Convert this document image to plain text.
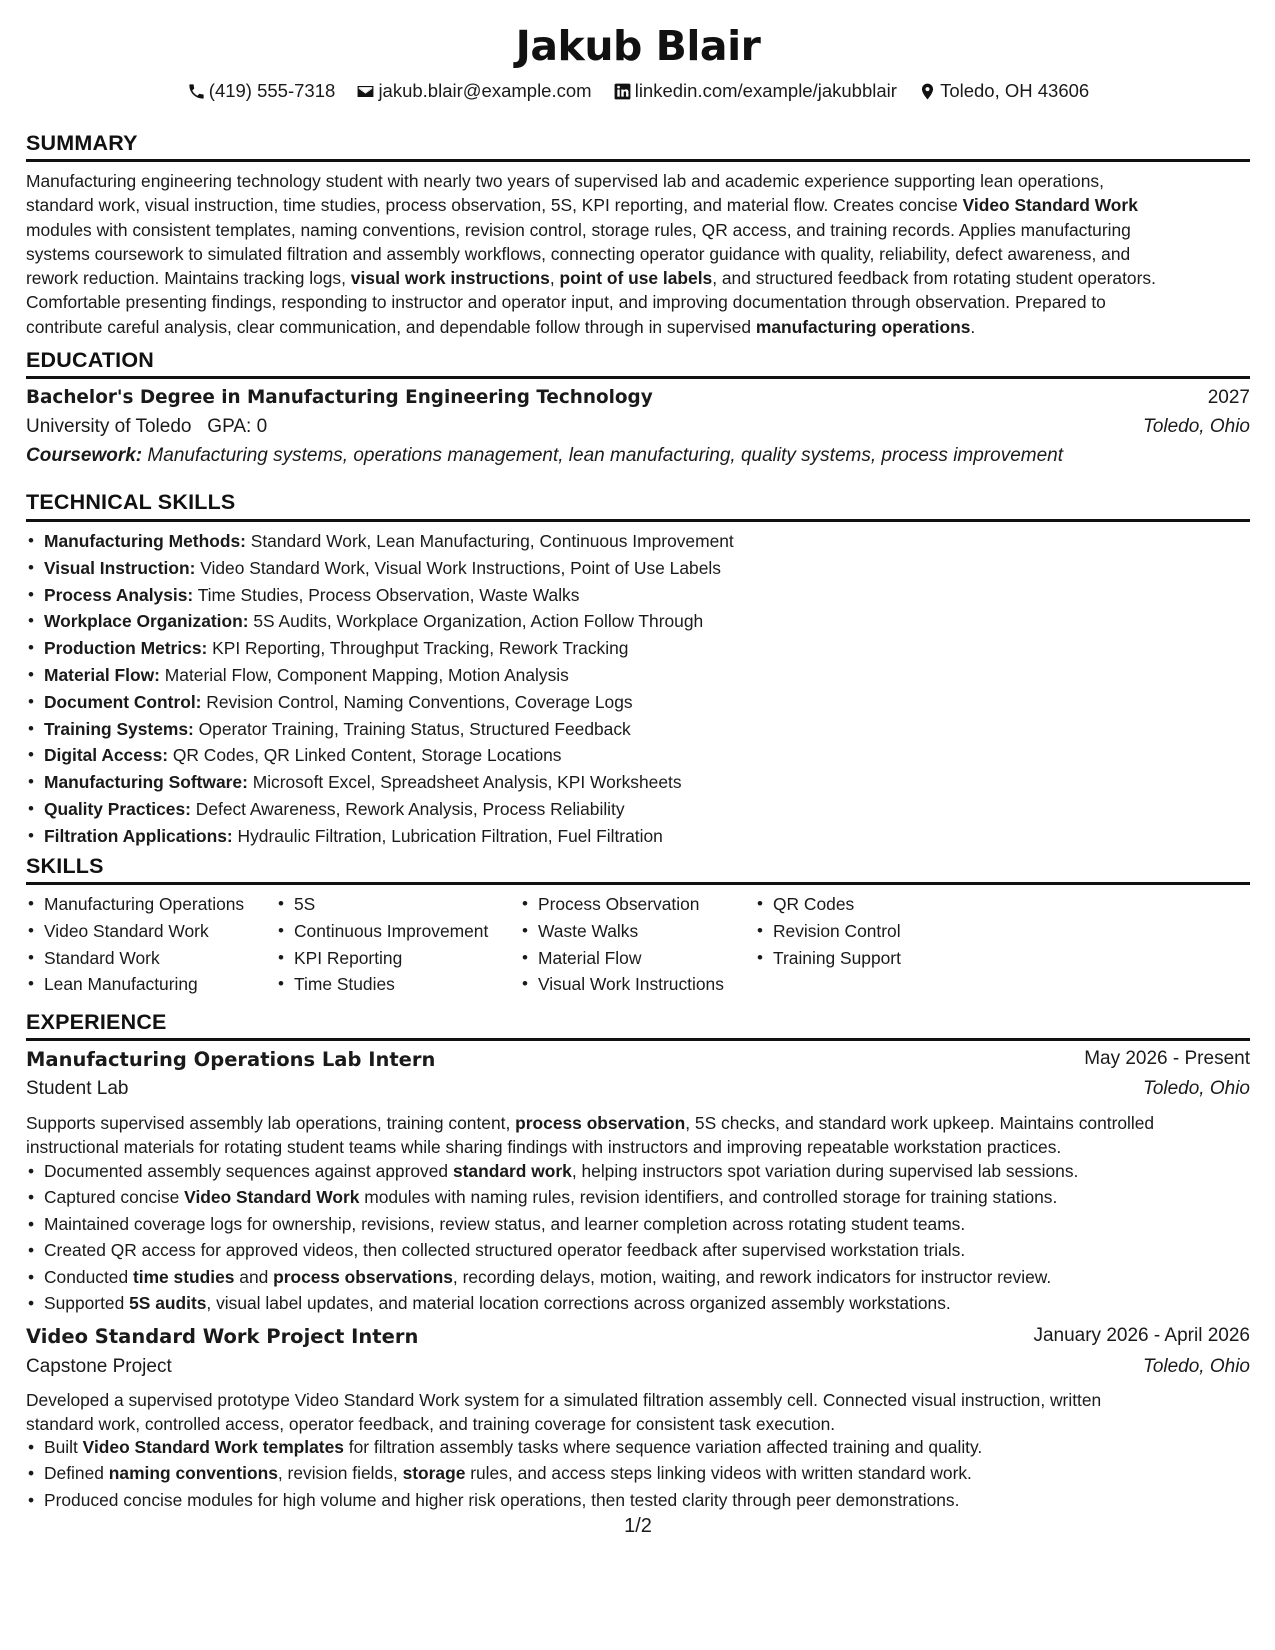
Jakub Blair
(419) 555-7318
jakub.blair@example.com
linkedin.com/example/jakubblair
Toledo, OH 43606
SUMMARY
Manufacturing engineering technology student with nearly two years of supervised lab and academic experience supporting lean operations,
standard work, visual instruction, time studies, process observation, 5S, KPI reporting, and material flow. Creates concise Video Standard Work
modules with consistent templates, naming conventions, revision control, storage rules, QR access, and training records. Applies manufacturing
systems coursework to simulated filtration and assembly workflows, connecting operator guidance with quality, reliability, defect awareness, and
rework reduction. Maintains tracking logs, visual work instructions, point of use labels, and structured feedback from rotating student operators.
Comfortable presenting findings, responding to instructor and operator input, and improving documentation through observation. Prepared to
contribute careful analysis, clear communication, and dependable follow through in supervised manufacturing operations.
EDUCATION
Bachelor's Degree in Manufacturing Engineering Technology	2027
University of Toledo GPA: 0	Toledo, Ohio
Coursework: Manufacturing systems, operations management, lean manufacturing, quality systems, process improvement
TECHNICAL SKILLS
• Manufacturing Methods: Standard Work, Lean Manufacturing, Continuous Improvement
• Visual Instruction: Video Standard Work, Visual Work Instructions, Point of Use Labels
• Process Analysis: Time Studies, Process Observation, Waste Walks
• Workplace Organization: 5S Audits, Workplace Organization, Action Follow Through
• Production Metrics: KPI Reporting, Throughput Tracking, Rework Tracking
• Material Flow: Material Flow, Component Mapping, Motion Analysis
• Document Control: Revision Control, Naming Conventions, Coverage Logs
• Training Systems: Operator Training, Training Status, Structured Feedback
• Digital Access: QR Codes, QR Linked Content, Storage Locations
• Manufacturing Software: Microsoft Excel, Spreadsheet Analysis, KPI Worksheets
• Quality Practices: Defect Awareness, Rework Analysis, Process Reliability
• Filtration Applications: Hydraulic Filtration, Lubrication Filtration, Fuel Filtration
SKILLS
• Manufacturing Operations
• Video Standard Work
• Standard Work
• Lean Manufacturing
• 5S
• Continuous Improvement
• KPI Reporting
• Time Studies
• Process Observation
• Waste Walks
• Material Flow
• Visual Work Instructions
• QR Codes
• Revision Control
• Training Support
EXPERIENCE
Manufacturing Operations Lab Intern	May 2026 - Present
Student Lab	Toledo, Ohio
Supports supervised assembly lab operations, training content, process observation, 5S checks, and standard work upkeep. Maintains controlled
instructional materials for rotating student teams while sharing findings with instructors and improving repeatable workstation practices.
• Documented assembly sequences against approved standard work, helping instructors spot variation during supervised lab sessions.
• Captured concise Video Standard Work modules with naming rules, revision identifiers, and controlled storage for training stations.
• Maintained coverage logs for ownership, revisions, review status, and learner completion across rotating student teams.
• Created QR access for approved videos, then collected structured operator feedback after supervised workstation trials.
• Conducted time studies and process observations, recording delays, motion, waiting, and rework indicators for instructor review.
• Supported 5S audits, visual label updates, and material location corrections across organized assembly workstations.
Video Standard Work Project Intern	January 2026 - April 2026
Capstone Project	Toledo, Ohio
Developed a supervised prototype Video Standard Work system for a simulated filtration assembly cell. Connected visual instruction, written
standard work, controlled access, operator feedback, and training coverage for consistent task execution.
• Built Video Standard Work templates for filtration assembly tasks where sequence variation affected training and quality.
• Defined naming conventions, revision fields, storage rules, and access steps linking videos with written standard work.
• Produced concise modules for high volume and higher risk operations, then tested clarity through peer demonstrations.
1/2
